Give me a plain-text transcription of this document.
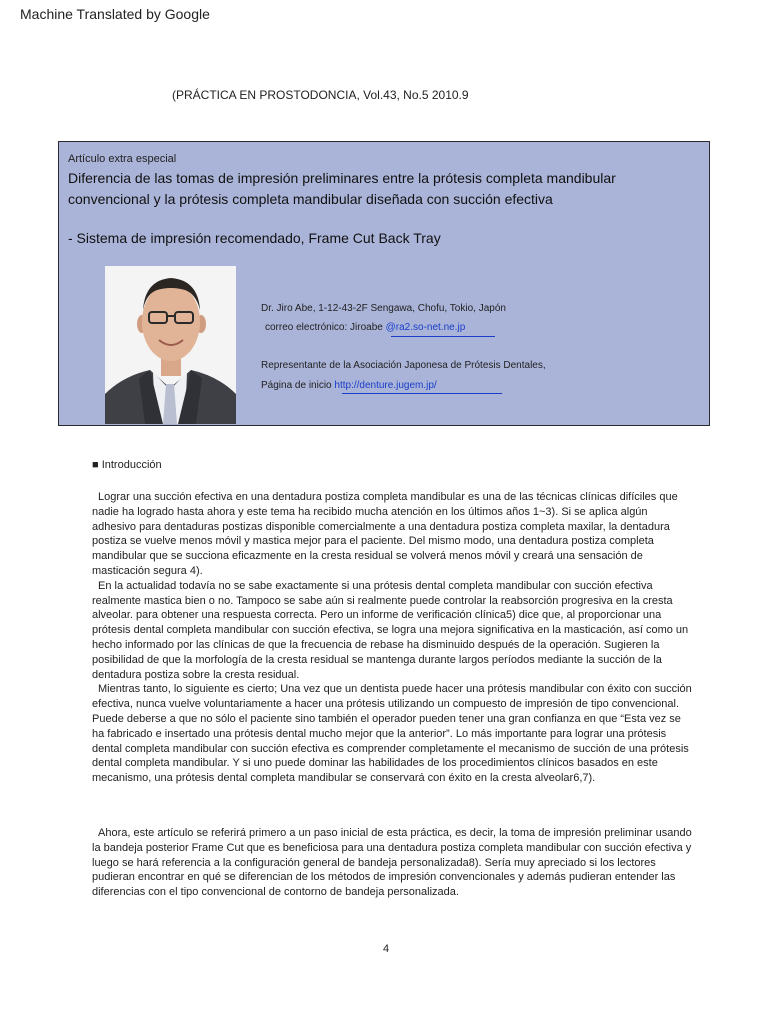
Machine Translated by Google
(PRÁCTICA EN PROSTODONCIA, Vol.43, No.5 2010.9
Artículo extra especial
Diferencia de las tomas de impresión preliminares entre la prótesis completa mandibular convencional y la prótesis completa mandibular diseñada con succión efectiva
- Sistema de impresión recomendado, Frame Cut Back Tray
Dr. Jiro Abe, 1-12-43-2F Sengawa, Chofu, Tokio, Japón
correo electrónico: Jiroabe @ra2.so-net.ne.jp
Representante de la Asociación Japonesa de Prótesis Dentales,
Página de inicio http://denture.jugem.jp/
■ Introducción

Lograr una succión efectiva en una dentadura postiza completa mandibular es una de las técnicas clínicas difíciles que nadie ha logrado hasta ahora y este tema ha recibido mucha atención en los últimos años 1~3). Si se aplica algún adhesivo para dentaduras postizas disponible comercialmente a una dentadura postiza completa maxilar, la dentadura postiza se vuelve menos móvil y mastica mejor para el paciente. Del mismo modo, una dentadura postiza completa mandibular que se succiona eficazmente en la cresta residual se volverá menos móvil y creará una sensación de masticación segura 4).

En la actualidad todavía no se sabe exactamente si una prótesis dental completa mandibular con succión efectiva realmente mastica bien o no. Tampoco se sabe aún si realmente puede controlar la reabsorción progresiva en la cresta alveolar. para obtener una respuesta correcta. Pero un informe de verificación clínica5) dice que, al proporcionar una prótesis dental completa mandibular con succión efectiva, se logra una mejora significativa en la masticación, así como un hecho informado por las clínicas de que la frecuencia de rebase ha disminuido después de la operación. Sugieren la posibilidad de que la morfología de la cresta residual se mantenga durante largos períodos mediante la succión de la dentadura postiza sobre la cresta residual.

Mientras tanto, lo siguiente es cierto; Una vez que un dentista puede hacer una prótesis mandibular con éxito con succión efectiva, nunca vuelve voluntariamente a hacer una prótesis utilizando un compuesto de impresión de tipo convencional. Puede deberse a que no sólo el paciente sino también el operador pueden tener una gran confianza en que “Esta vez se ha fabricado e insertado una prótesis dental mucho mejor que la anterior”. Lo más importante para lograr una prótesis dental completa mandibular con succión efectiva es comprender completamente el mecanismo de succión de una prótesis dental completa mandibular. Y si uno puede dominar las habilidades de los procedimientos clínicos basados en este mecanismo, una prótesis dental completa mandibular se conservará con éxito en la cresta alveolar6,7).

Ahora, este artículo se referirá primero a un paso inicial de esta práctica, es decir, la toma de impresión preliminar usando la bandeja posterior Frame Cut que es beneficiosa para una dentadura postiza completa mandibular con succión efectiva y luego se hará referencia a la configuración general de bandeja personalizada8). Sería muy apreciado si los lectores pudieran encontrar en qué se diferencian de los métodos de impresión convencionales y además pudieran entender las diferencias con el tipo convencional de contorno de bandeja personalizada.

4
